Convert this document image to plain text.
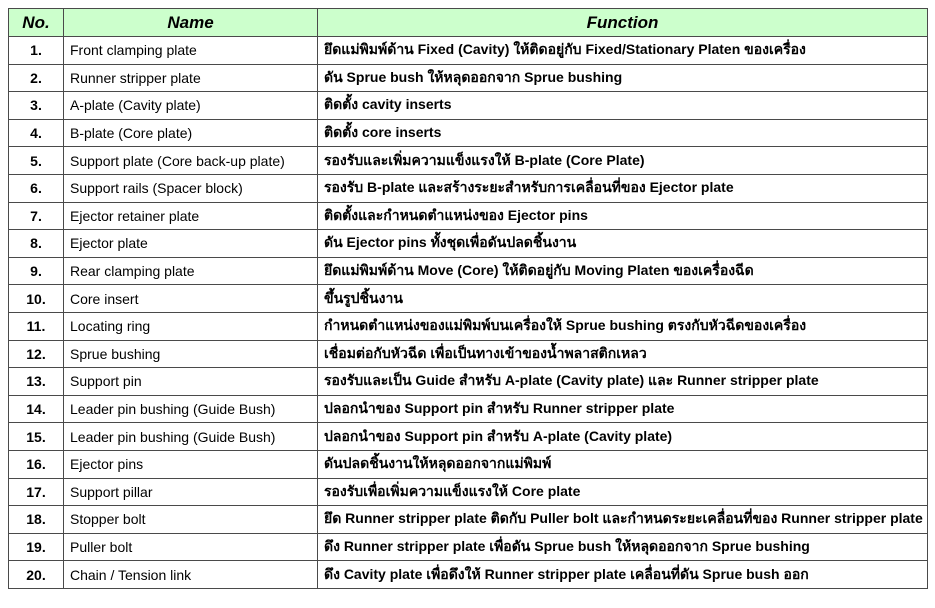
No.	Name	Function
1.	Front clamping plate	ยึดแม่พิมพ์ด้าน Fixed (Cavity) ให้ติดอยู่กับ Fixed/Stationary Platen ของเครื่อง
2.	Runner stripper plate	ดัน Sprue bush ให้หลุดออกจาก Sprue bushing
3.	A-plate (Cavity plate)	ติดตั้ง cavity inserts
4.	B-plate (Core plate)	ติดตั้ง core inserts
5.	Support plate (Core back-up plate)	รองรับและเพิ่มความแข็งแรงให้ B-plate (Core Plate)
6.	Support rails (Spacer block)	รองรับ B-plate และสร้างระยะสำหรับการเคลื่อนที่ของ Ejector plate
7.	Ejector retainer plate	ติดตั้งและกำหนดตำแหน่งของ Ejector pins
8.	Ejector plate	ดัน Ejector pins ทั้งชุดเพื่อดันปลดชิ้นงาน
9.	Rear clamping plate	ยึดแม่พิมพ์ด้าน Move (Core) ให้ติดอยู่กับ Moving Platen ของเครื่องฉีด
10.	Core insert	ขึ้นรูปชิ้นงาน
11.	Locating ring	กำหนดตำแหน่งของแม่พิมพ์บนเครื่องให้ Sprue bushing ตรงกับหัวฉีดของเครื่อง
12.	Sprue bushing	เชื่อมต่อกับหัวฉีด เพื่อเป็นทางเข้าของน้ำพลาสติกเหลว
13.	Support pin	รองรับและเป็น Guide สำหรับ A-plate (Cavity plate) และ Runner stripper plate
14.	Leader pin bushing (Guide Bush)	ปลอกนำของ Support pin สำหรับ Runner stripper plate
15.	Leader pin bushing (Guide Bush)	ปลอกนำของ Support pin สำหรับ A-plate (Cavity plate)
16.	Ejector pins	ดันปลดชิ้นงานให้หลุดออกจากแม่พิมพ์
17.	Support pillar	รองรับเพื่อเพิ่มความแข็งแรงให้ Core plate
18.	Stopper bolt	ยึด Runner stripper plate ติดกับ Puller bolt และกำหนดระยะเคลื่อนที่ของ Runner stripper plate
19.	Puller bolt	ดึง Runner stripper plate เพื่อดัน Sprue bush ให้หลุดออกจาก Sprue bushing
20.	Chain / Tension link	ดึง Cavity plate เพื่อดึงให้ Runner stripper plate เคลื่อนที่ดัน Sprue bush ออก
